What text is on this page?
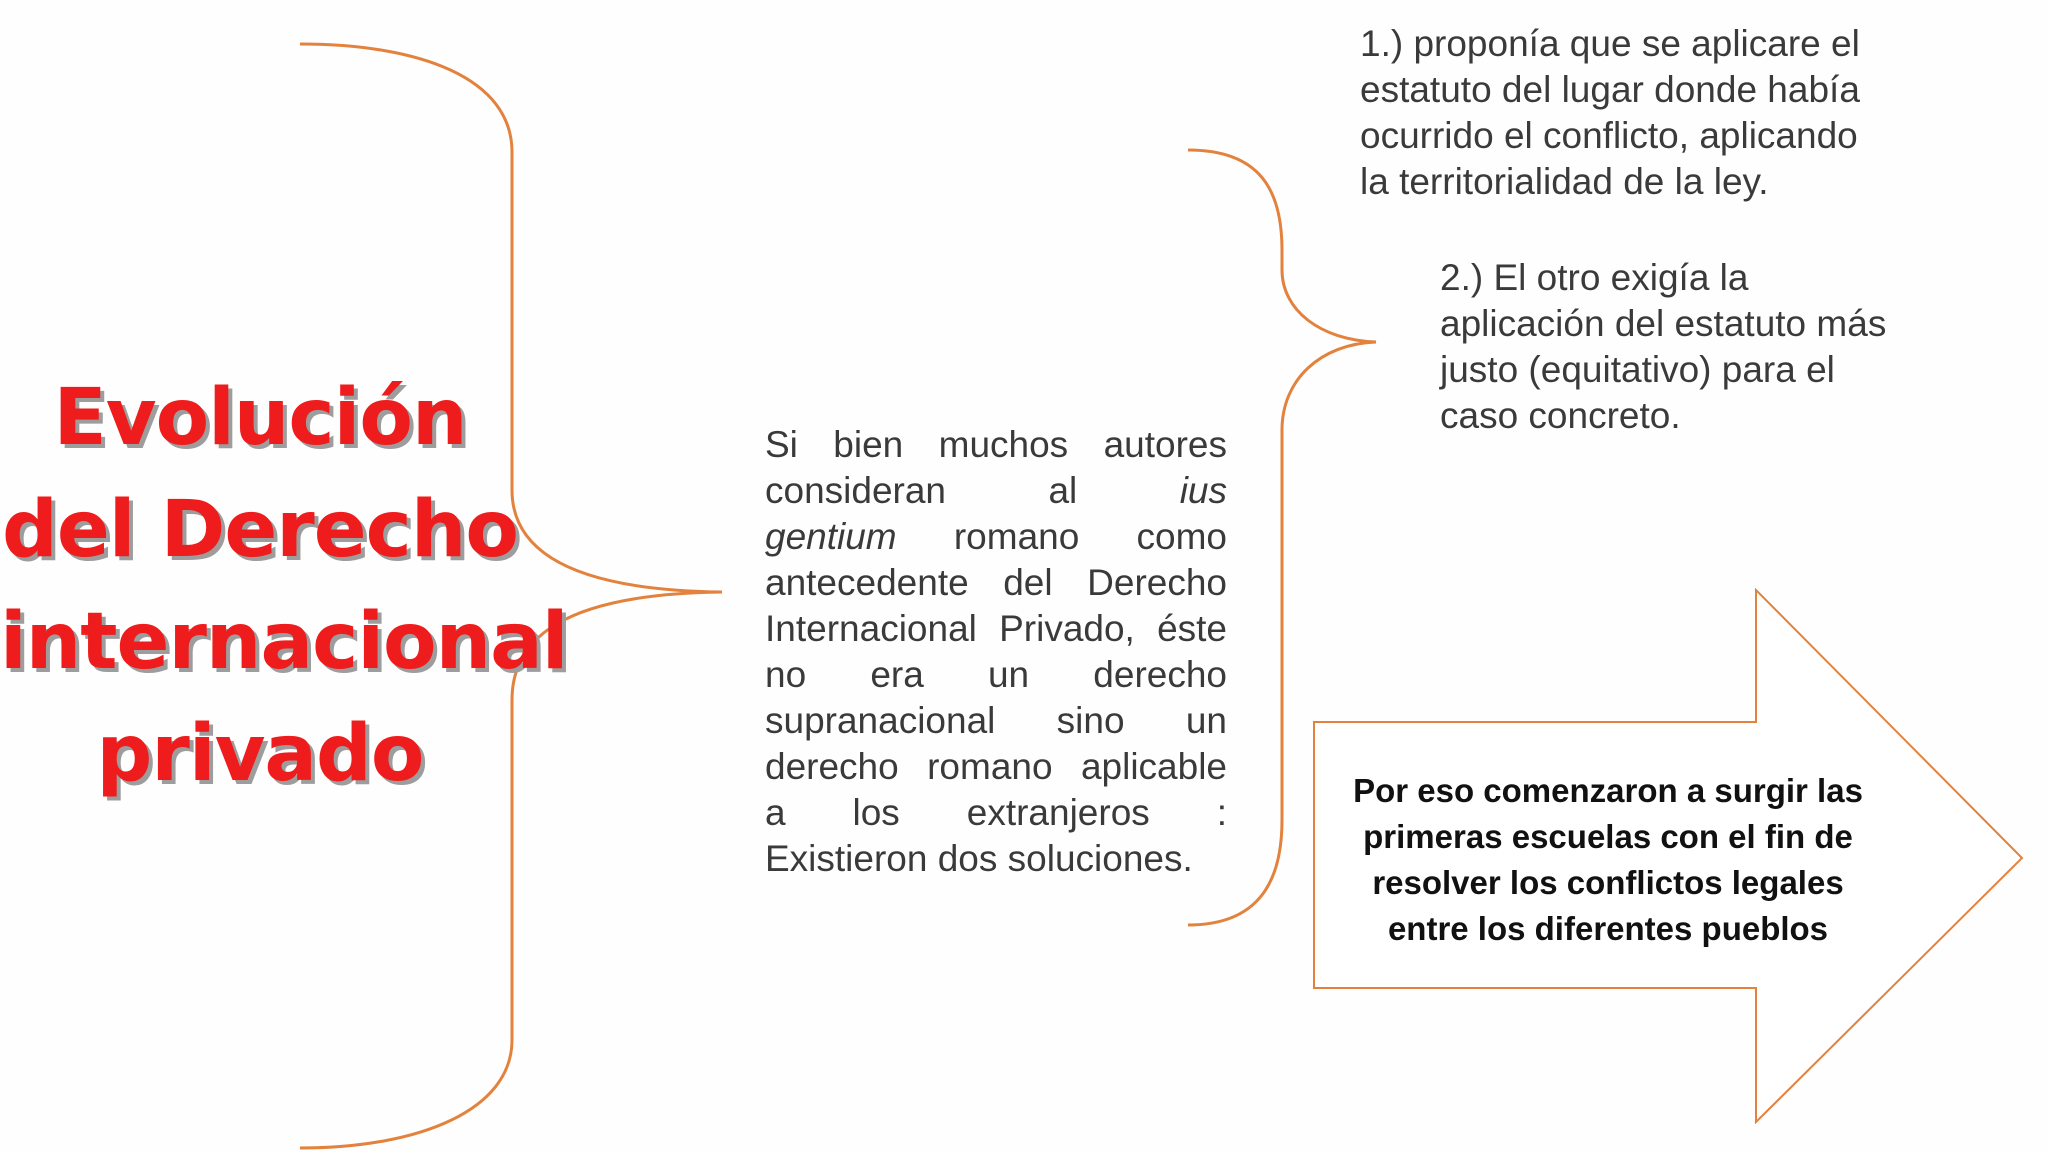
Evolución
del Derecho
internacional
privado
Si bien muchos autores
consideran al ius
gentium romano como
antecedente del Derecho
Internacional Privado, éste
no era un derecho
supranacional sino un
derecho romano aplicable
a los extranjeros :
Existieron dos soluciones.
1.) proponía que se aplicare el
estatuto del lugar donde había
ocurrido el conflicto, aplicando
la territorialidad de la ley.
2.) El otro exigía la
aplicación del estatuto más
justo (equitativo) para el
caso concreto.
Por eso comenzaron a surgir las
primeras escuelas con el fin de
resolver los conflictos legales
entre los diferentes pueblos
